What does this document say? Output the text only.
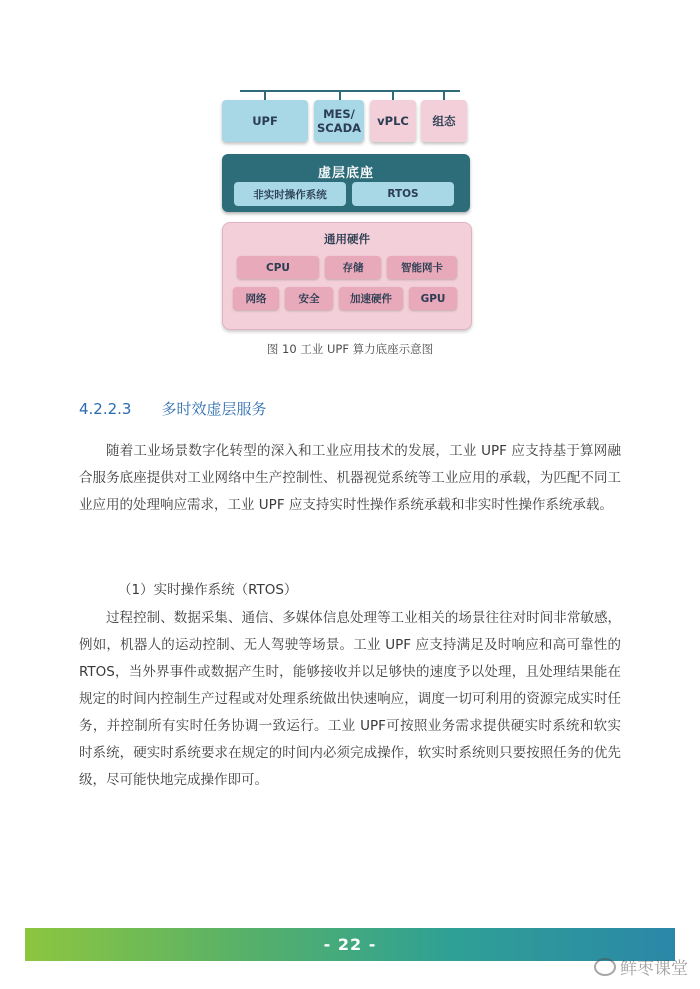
UPF	MES/
SCADA vPLC 组态
虚层底座
非实时操作系统	RTOS
通用硬件
CPU	存储	智能网卡
网络	安全	加速硬件	GPU
图 10 工业 UPF 算力底座示意图
4.2.2.3 多时效虚层服务
随着工业场景数字化转型的深入和工业应用技术的发展，工业 UPF 应支持基于算网融合服务底座提供对工业网络中生产控制性、机器视觉系统等工业应用的承载，为匹配不同工业应用的处理响应需求，工业 UPF 应支持实时性操作系统承载和非实时性操作系统承载。
（1）实时操作系统（RTOS）
过程控制、数据采集、通信、多媒体信息处理等工业相关的场景往往对时间非常敏感，例如，机器人的运动控制、无人驾驶等场景。工业 UPF 应支持满足及时响应和高可靠性的 RTOS，当外界事件或数据产生时，能够接收并以足够快的速度予以处理，且处理结果能在规定的时间内控制生产过程或对处理系统做出快速响应，调度一切可利用的资源完成实时任务，并控制所有实时任务协调一致运行。工业 UPF可按照业务需求提供硬实时系统和软实时系统，硬实时系统要求在规定的时间内必须完成操作，软实时系统则只要按照任务的优先级，尽可能快地完成操作即可。
- 22 -
鲜枣课堂
